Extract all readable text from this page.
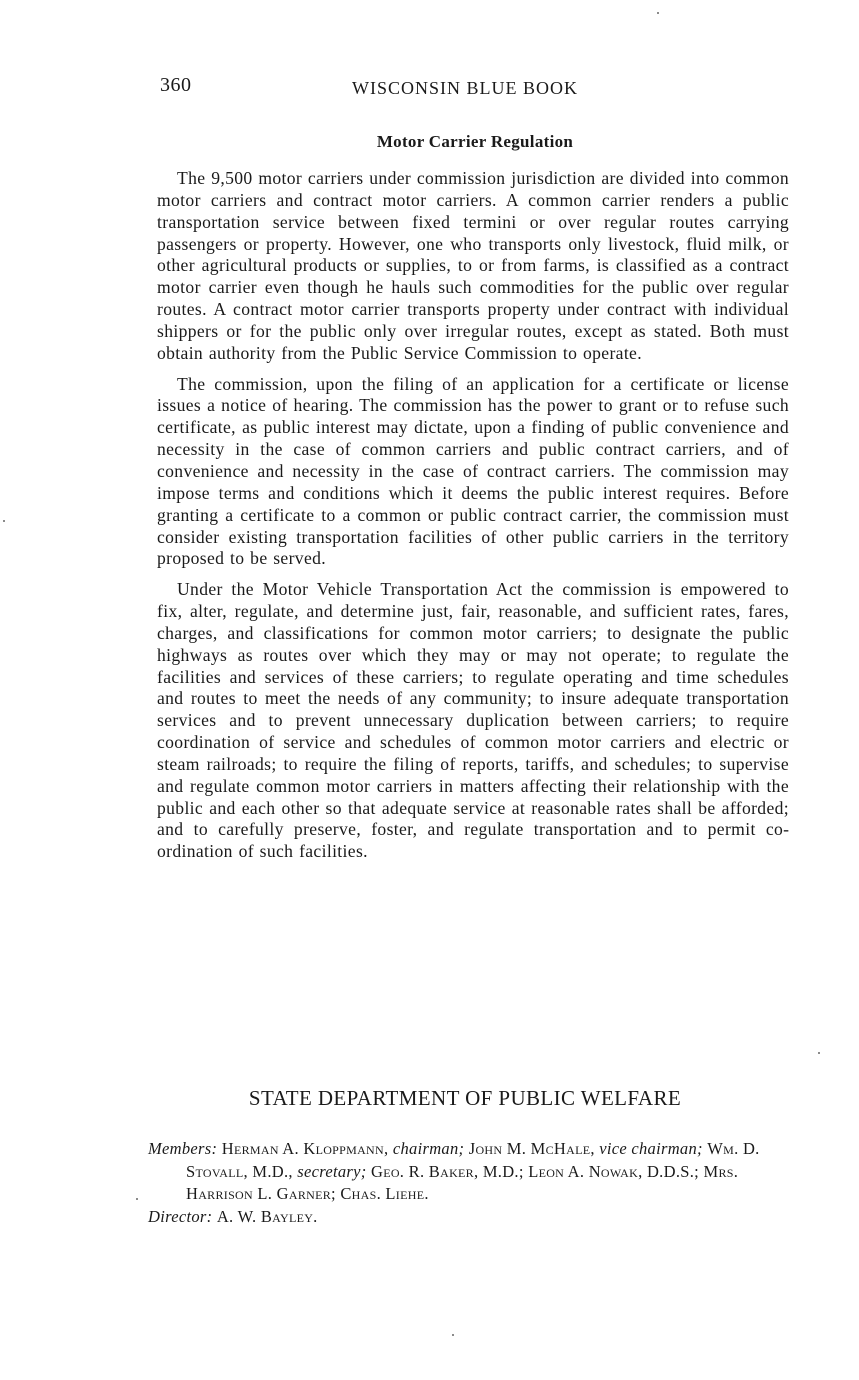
360	WISCONSIN BLUE BOOK
Motor Carrier Regulation

The 9,500 motor carriers under commission jurisdiction are divided into common motor carriers and contract motor carriers. A common carrier renders a public transportation service between fixed termini or over regular routes carrying passengers or property. However, one who transports only livestock, fluid milk, or other agricultural products or supplies, to or from farms, is classified as a contract motor carrier even though he hauls such commodities for the public over regular routes. A contract motor carrier transports property under contract with individual shippers or for the public only over irregular routes, except as stated. Both must obtain authority from the Public Service Commission to operate.

The commission, upon the filing of an application for a certificate or license issues a notice of hearing. The commission has the power to grant or to refuse such certificate, as public interest may dictate, upon a finding of public convenience and necessity in the case of common carriers and public contract carriers, and of convenience and necessity in the case of contract carriers. The commission may impose terms and conditions which it deems the public interest requires. Before granting a certificate to a common or public contract carrier, the commission must consider existing transportation facilities of other public carriers in the territory proposed to be served.

Under the Motor Vehicle Transportation Act the commission is empowered to fix, alter, regulate, and determine just, fair, reasonable, and sufficient rates, fares, charges, and classifications for common motor carriers; to designate the public highways as routes over which they may or may not operate; to regulate the facilities and services of these carriers; to regulate operating and time schedules and routes to meet the needs of any community; to insure adequate transportation services and to prevent unnecessary duplication between carriers; to require coordination of service and schedules of common motor carriers and electric or steam railroads; to require the filing of reports, tariffs, and schedules; to supervise and regulate common motor carriers in matters affecting their relationship with the public and each other so that adequate service at reasonable rates shall be afforded; and to carefully preserve, foster, and regulate transportation and to permit coordination of such facilities.

STATE DEPARTMENT OF PUBLIC WELFARE

Members: Herman A. Kloppmann, chairman; John M. McHale, vice chairman; Wm. D. Stovall, M.D., secretary; Geo. R. Baker, M.D.; Leon A. Nowak, D.D.S.; Mrs. Harrison L. Garner; Chas. Liehe.

Director: A. W. Bayley.
